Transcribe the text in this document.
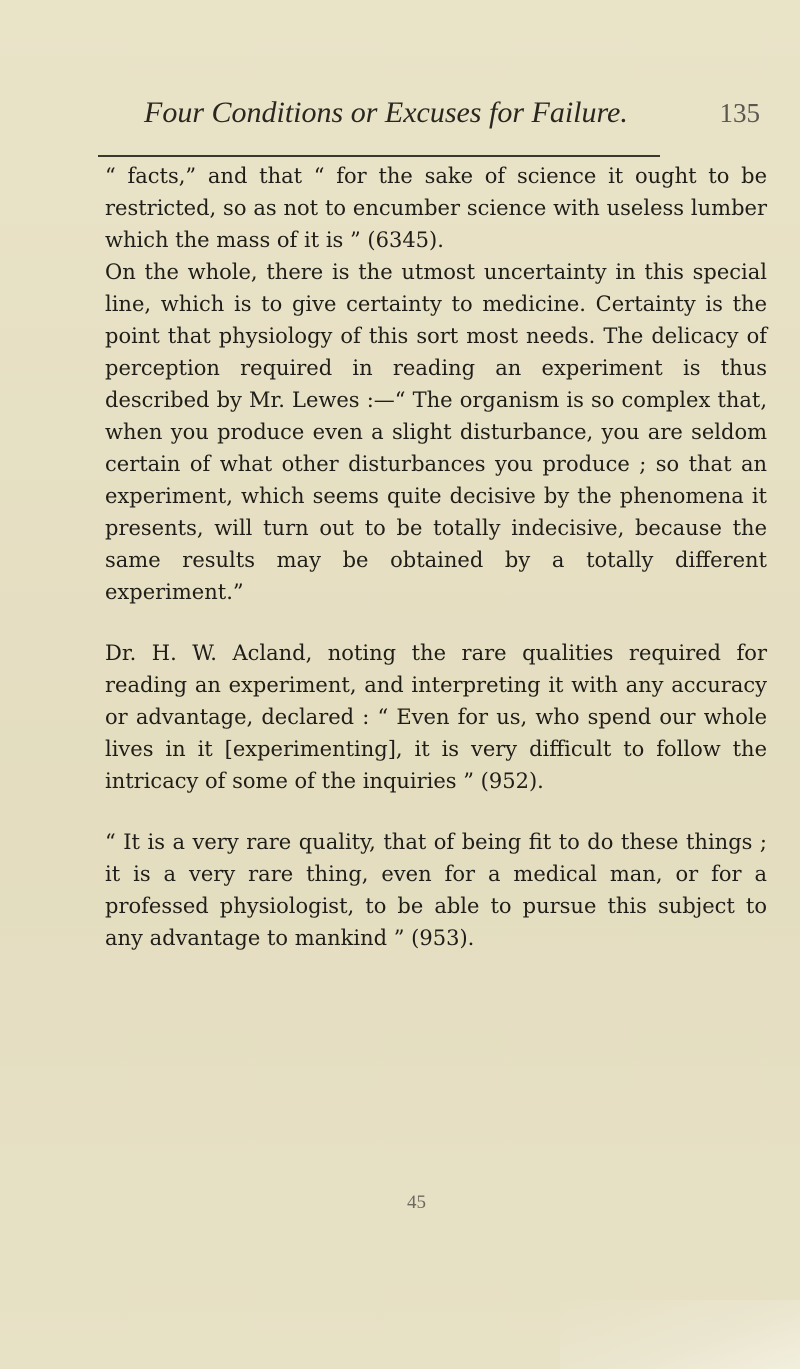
Four Conditions or Excuses for Failure.	135

“ facts,” and that “ for the sake of science it ought to be restricted, so as not to encumber science with useless lumber which the mass of it is ” (6345).

On the whole, there is the utmost uncertainty in this special line, which is to give certainty to medicine. Certainty is the point that physiology of this sort most needs. The delicacy of perception required in reading an experiment is thus described by Mr. Lewes :—“ The organism is so complex that, when you produce even a slight disturbance, you are seldom certain of what other disturbances you produce ; so that an experiment, which seems quite decisive by the phenomena it presents, will turn out to be totally indecisive, because the same results may be obtained by a totally different experiment.”

Dr. H. W. Acland, noting the rare qualities required for reading an experiment, and interpreting it with any accuracy or advantage, declared : “ Even for us, who spend our whole lives in it [experimenting], it is very difficult to follow the intricacy of some of the inquiries ” (952).

“ It is a very rare quality, that of being fit to do these things ; it is a very rare thing, even for a medical man, or for a professed physiologist, to be able to pursue this subject to any advantage to mankind ” (953).

45
